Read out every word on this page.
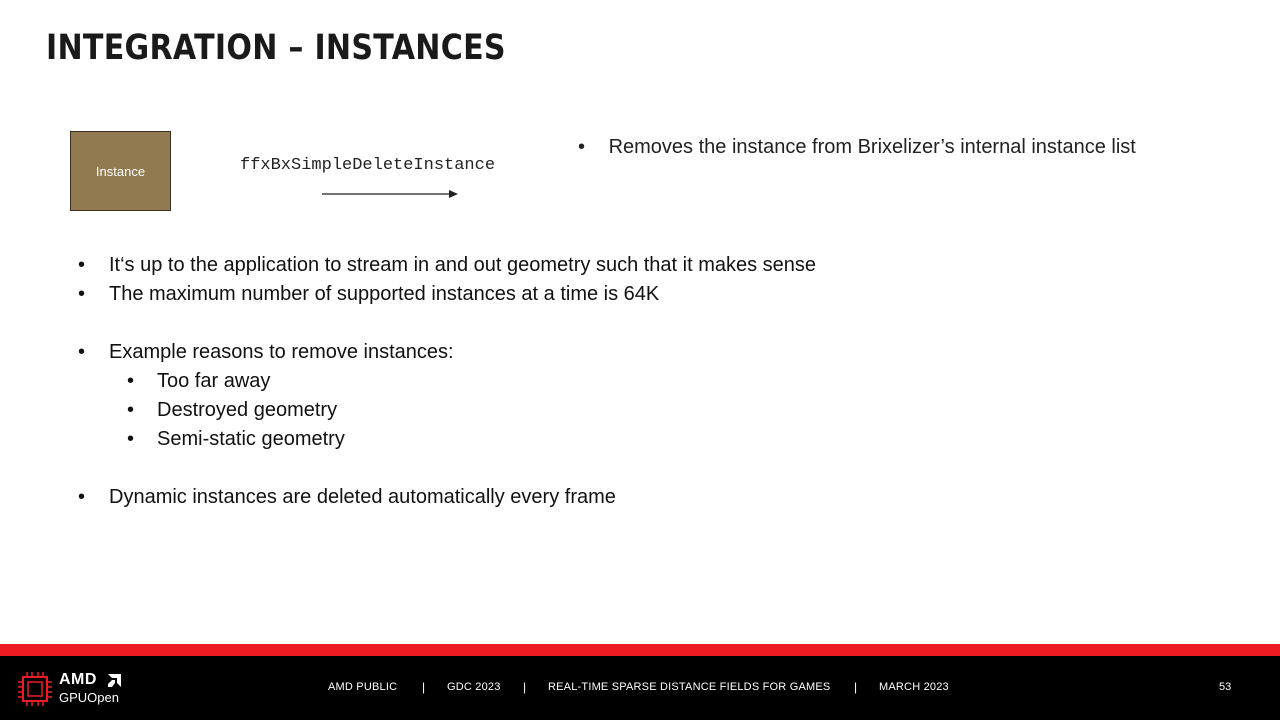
INTEGRATION – INSTANCES
Instance	ffxBxSimpleDeleteInstance
• Removes the instance from Brixelizer’s internal instance list
• It‘s up to the application to stream in and out geometry such that it makes sense
• The maximum number of supported instances at a time is 64K
• Example reasons to remove instances:
• Too far away
• Destroyed geometry
• Semi-static geometry
• Dynamic instances are deleted automatically every frame
AMD
GPUOpen
AMD PUBLIC | GDC 2023 | REAL-TIME SPARSE DISTANCE FIELDS FOR GAMES | MARCH 2023	53
